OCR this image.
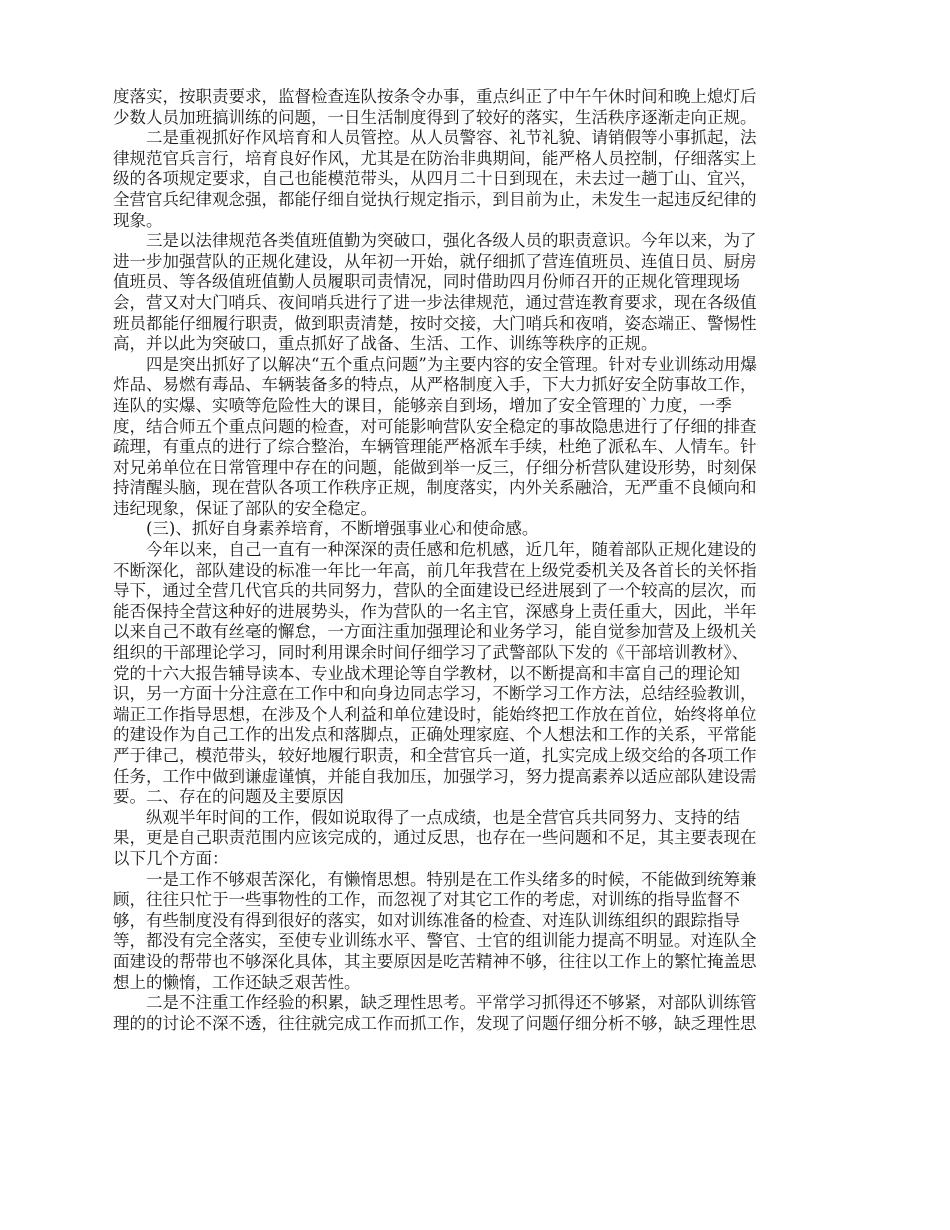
度落实，按职责要求，监督检查连队按条令办事，重点纠正了中午午休时间和晚上熄灯后

少数人员加班搞训练的问题，一日生活制度得到了较好的落实，生活秩序逐渐走向正规。

二是重视抓好作风培育和人员管控。从人员警容、礼节礼貌、请销假等小事抓起，法

律规范官兵言行，培育良好作风，尤其是在防治非典期间，能严格人员控制，仔细落实上

级的各项规定要求，自己也能模范带头，从四月二十日到现在，未去过一趟丁山、宜兴，

全营官兵纪律观念强，都能仔细自觉执行规定指示，到目前为止，未发生一起违反纪律的

现象。

三是以法律规范各类值班值勤为突破口，强化各级人员的职责意识。今年以来，为了

进一步加强营队的正规化建设，从年初一开始，就仔细抓了营连值班员、连值日员、厨房

值班员、等各级值班值勤人员履职司责情况，同时借助四月份师召开的正规化管理现场

会，营又对大门哨兵、夜间哨兵进行了进一步法律规范，通过营连教育要求，现在各级值

班员都能仔细履行职责，做到职责清楚，按时交接，大门哨兵和夜哨，姿态端正、警惕性

高，并以此为突破口，重点抓好了战备、生活、工作、训练等秩序的正规。

四是突出抓好了以解决“五个重点问题”为主要内容的安全管理。针对专业训练动用爆

炸品、易燃有毒品、车辆装备多的特点，从严格制度入手，下大力抓好安全防事故工作，

连队的实爆、实喷等危险性大的课目，能够亲自到场，增加了安全管理的`力度，一季

度，结合师五个重点问题的检查，对可能影响营队安全稳定的事故隐患进行了仔细的排查

疏理，有重点的进行了综合整治，车辆管理能严格派车手续，杜绝了派私车、人情车。针

对兄弟单位在日常管理中存在的问题，能做到举一反三，仔细分析营队建设形势，时刻保

持清醒头脑，现在营队各项工作秩序正规，制度落实，内外关系融洽，无严重不良倾向和

违纪现象，保证了部队的安全稳定。

(三)、抓好自身素养培育，不断增强事业心和使命感。

今年以来，自己一直有一种深深的责任感和危机感，近几年，随着部队正规化建设的

不断深化，部队建设的标准一年比一年高，前几年我营在上级党委机关及各首长的关怀指

导下，通过全营几代官兵的共同努力，营队的全面建设已经进展到了一个较高的层次，而

能否保持全营这种好的进展势头，作为营队的一名主官，深感身上责任重大，因此，半年

以来自己不敢有丝毫的懈怠，一方面注重加强理论和业务学习，能自觉参加营及上级机关

组织的干部理论学习，同时利用课余时间仔细学习了武警部队下发的《干部培训教材》、

党的十六大报告辅导读本、专业战术理论等自学教材，以不断提高和丰富自己的理论知

识，另一方面十分注意在工作中和向身边同志学习，不断学习工作方法，总结经验教训，

端正工作指导思想，在涉及个人利益和单位建设时，能始终把工作放在首位，始终将单位

的建设作为自己工作的出发点和落脚点，正确处理家庭、个人想法和工作的关系，平常能

严于律己，模范带头，较好地履行职责，和全营官兵一道，扎实完成上级交给的各项工作

任务，工作中做到谦虚谨慎，并能自我加压，加强学习，努力提高素养以适应部队建设需

要。二、存在的问题及主要原因

纵观半年时间的工作，假如说取得了一点成绩，也是全营官兵共同努力、支持的结

果，更是自己职责范围内应该完成的，通过反思，也存在一些问题和不足，其主要表现在

以下几个方面：

一是工作不够艰苦深化，有懒惰思想。特别是在工作头绪多的时候，不能做到统筹兼

顾，往往只忙于一些事物性的工作，而忽视了对其它工作的考虑，对训练的指导监督不

够，有些制度没有得到很好的落实，如对训练准备的检查、对连队训练组织的跟踪指导

等，都没有完全落实，至使专业训练水平、警官、士官的组训能力提高不明显。对连队全

面建设的帮带也不够深化具体，其主要原因是吃苦精神不够，往往以工作上的繁忙掩盖思

想上的懒惰，工作还缺乏艰苦性。

二是不注重工作经验的积累，缺乏理性思考。平常学习抓得还不够紧，对部队训练管

理的的讨论不深不透，往往就完成工作而抓工作，发现了问题仔细分析不够，缺乏理性思
